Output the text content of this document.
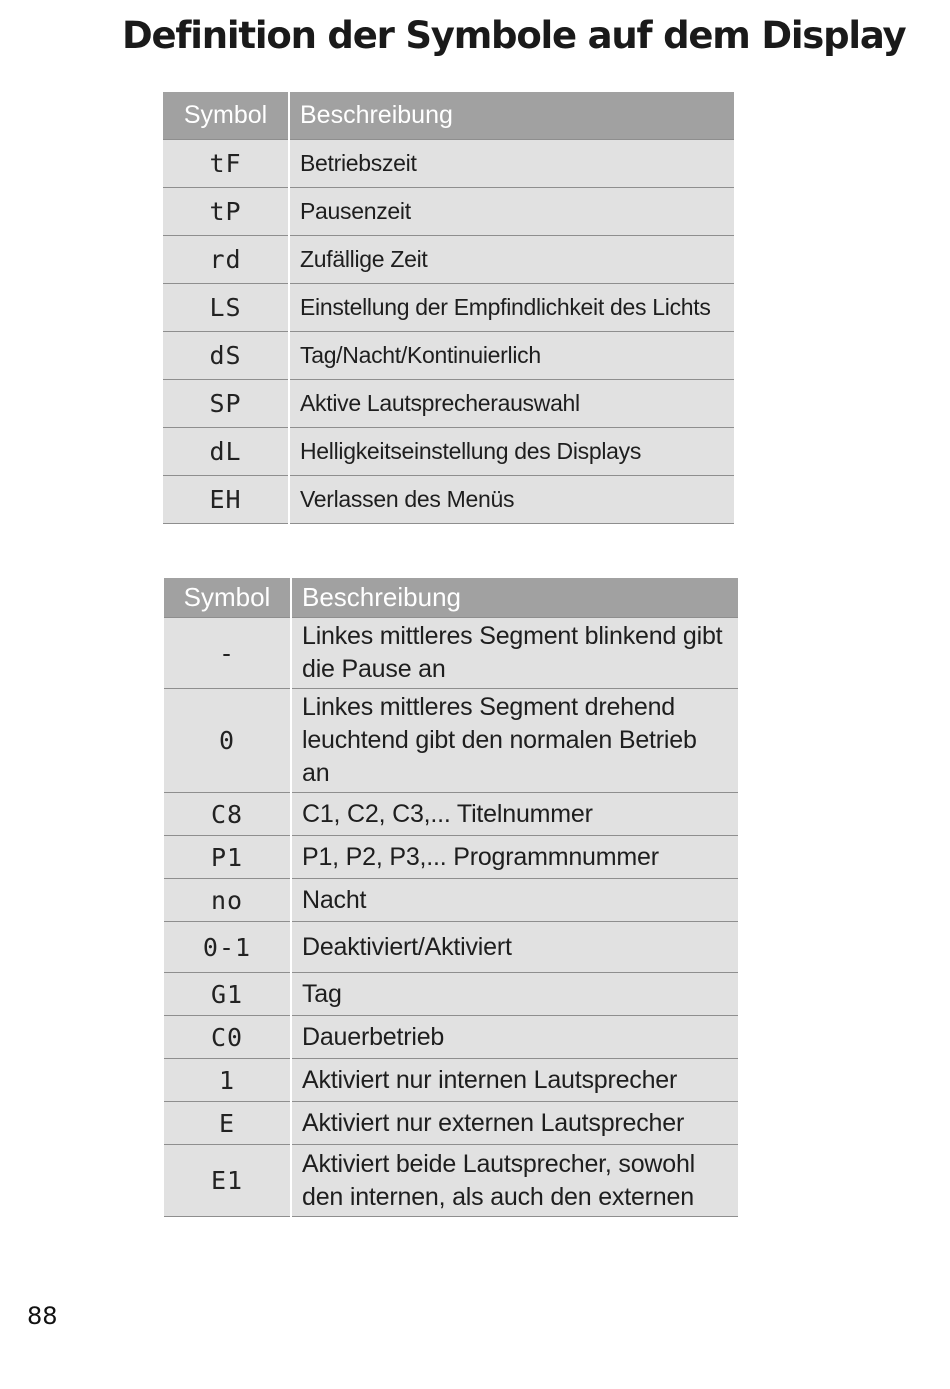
Definition der Symbole auf dem Display
Symbol	Beschreibung
tF	Betriebszeit
tP	Pausenzeit
rd	Zufällige Zeit
LS	Einstellung der Empfindlichkeit des Lichts
dS	Tag/Nacht/Kontinuierlich
SP	Aktive Lautsprecherauswahl
dL	Helligkeitseinstellung des Displays
EH	Verlassen des Menüs
Symbol	Beschreibung
-	Linkes mittleres Segment blinkend gibt die Pause an
0	Linkes mittleres Segment drehend leuchtend gibt den normalen Betrieb an
C8	C1, C2, C3,... Titelnummer
P1	P1, P2, P3,... Programmnummer
no	Nacht
0-1	Deaktiviert/Aktiviert
G1	Tag
C0	Dauerbetrieb
1	Aktiviert nur internen Lautsprecher
E	Aktiviert nur externen Lautsprecher
E1	Aktiviert beide Lautsprecher, sowohl den internen, als auch den externen
88
